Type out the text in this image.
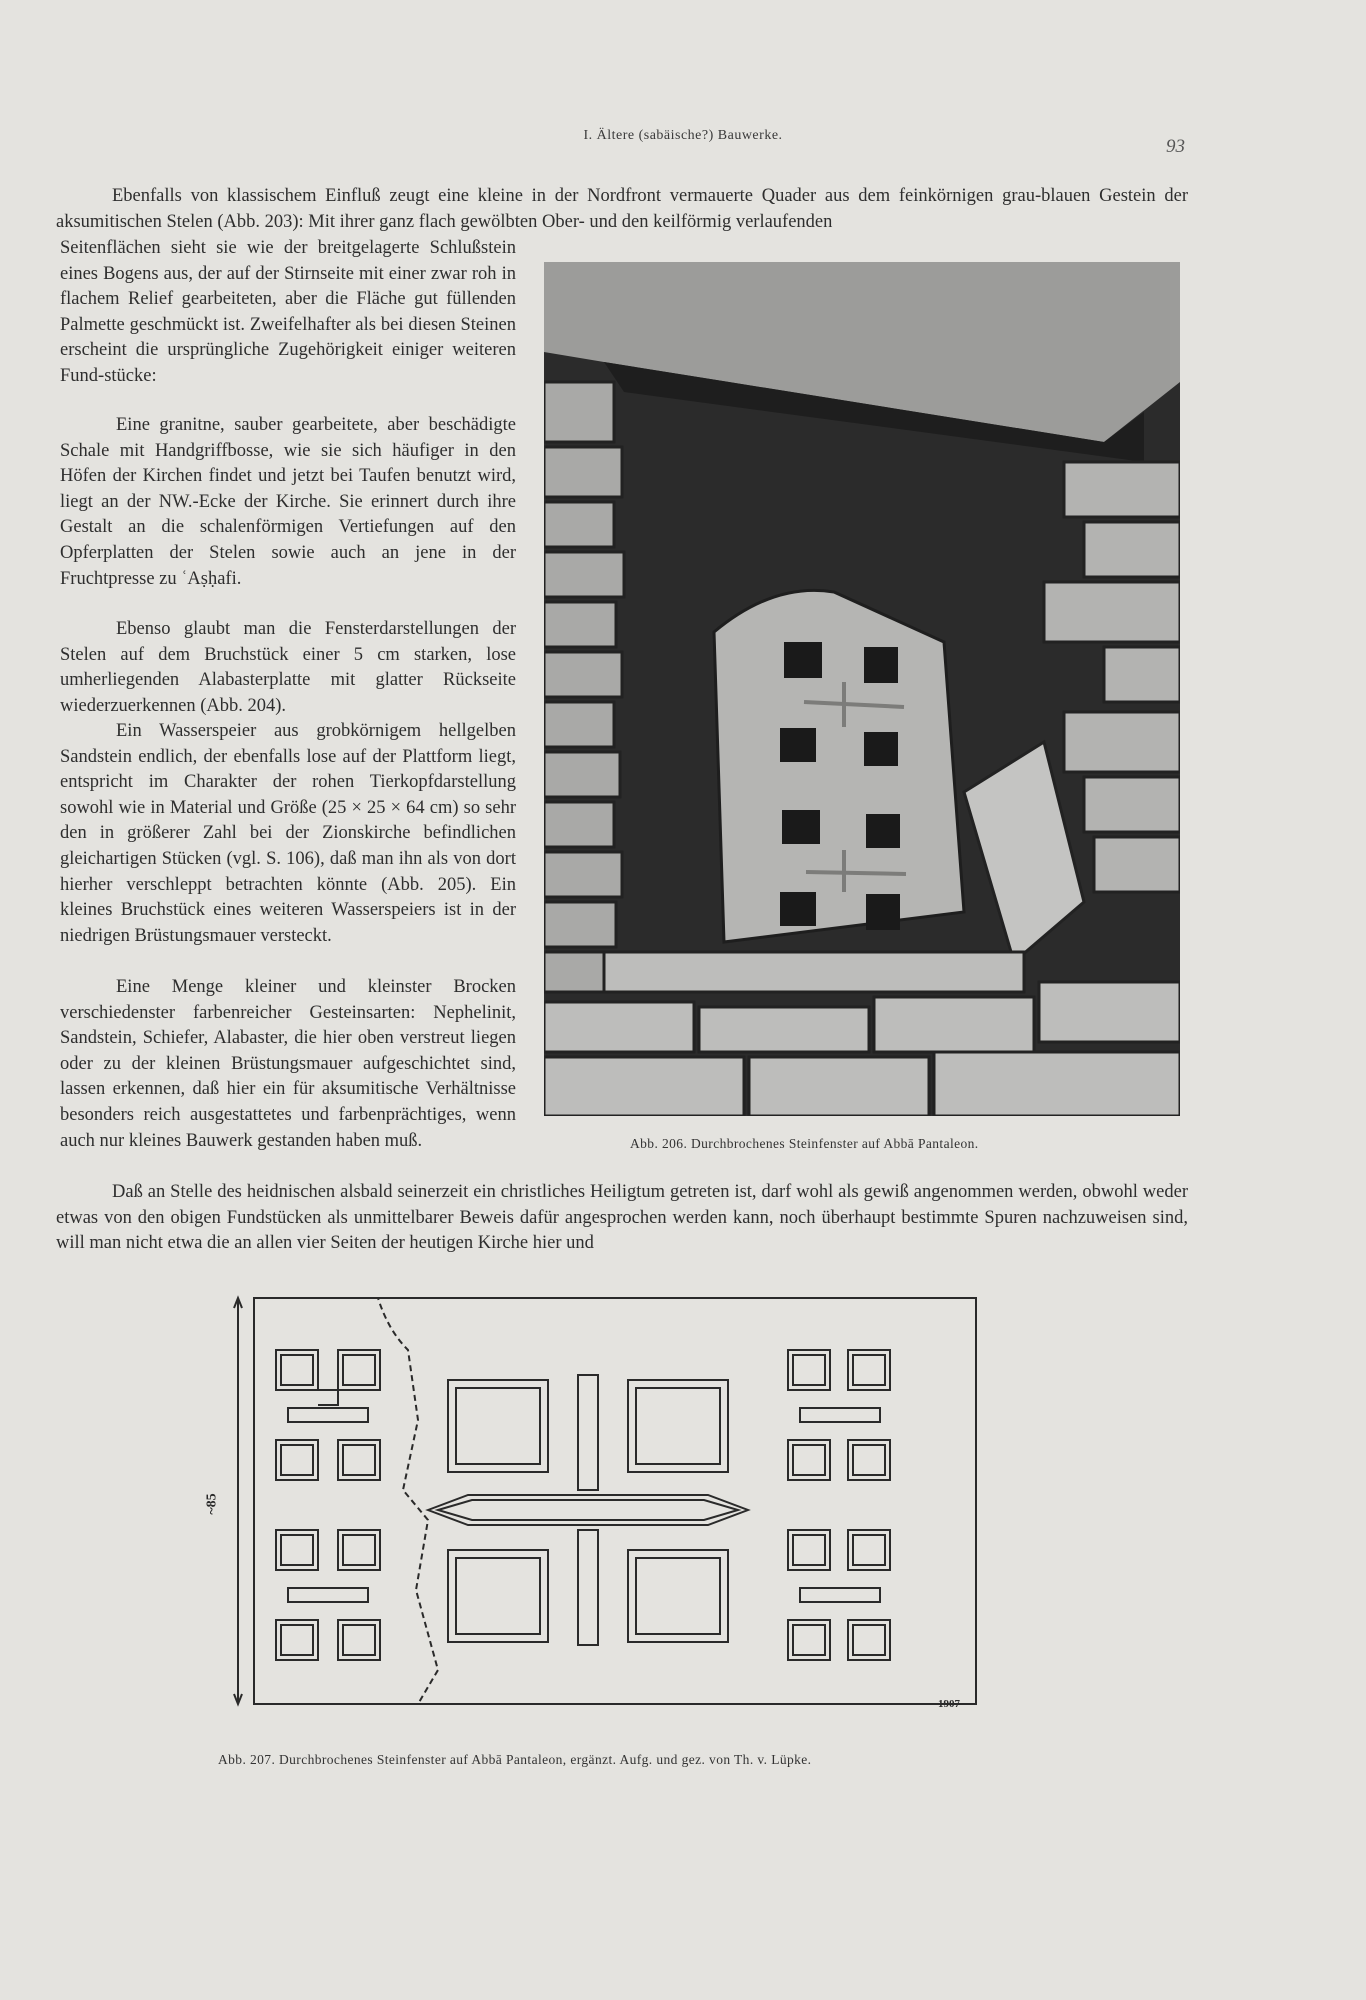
I. Ältere (sabäische?) Bauwerke.
93

Ebenfalls von klassischem Einfluß zeugt eine kleine in der Nordfront vermauerte Quader aus dem feinkörnigen grau-blauen Gestein der aksumitischen Stelen (Abb. 203): Mit ihrer ganz flach gewölbten Ober- und den keilförmig verlaufenden

Seitenflächen sieht sie wie der breitgelagerte Schlußstein eines Bogens aus, der auf der Stirnseite mit einer zwar roh in flachem Relief gearbeiteten, aber die Fläche gut füllenden Palmette geschmückt ist. Zweifelhafter als bei diesen Steinen erscheint die ursprüngliche Zugehörigkeit einiger weiteren Fund-stücke:

Eine granitne, sauber gearbeitete, aber beschädigte Schale mit Handgriffbosse, wie sie sich häufiger in den Höfen der Kirchen findet und jetzt bei Taufen benutzt wird, liegt an der NW.-Ecke der Kirche. Sie erinnert durch ihre Gestalt an die schalenförmigen Vertiefungen auf den Opferplatten der Stelen sowie auch an jene in der Fruchtpresse zu ʿAṣḥafi.

Ebenso glaubt man die Fensterdarstellungen der Stelen auf dem Bruchstück einer 5 cm starken, lose umherliegenden Alabasterplatte mit glatter Rückseite wiederzuerkennen (Abb. 204).

Ein Wasserspeier aus grobkörnigem hellgelben Sandstein endlich, der ebenfalls lose auf der Plattform liegt, entspricht im Charakter der rohen Tierkopfdarstellung sowohl wie in Material und Größe (25 × 25 × 64 cm) so sehr den in größerer Zahl bei der Zionskirche befindlichen gleichartigen Stücken (vgl. S. 106), daß man ihn als von dort hierher verschleppt betrachten könnte (Abb. 205). Ein kleines Bruchstück eines weiteren Wasserspeiers ist in der niedrigen Brüstungsmauer versteckt.

Eine Menge kleiner und kleinster Brocken verschiedenster farbenreicher Gesteinsarten: Nephelinit, Sandstein, Schiefer, Alabaster, die hier oben verstreut liegen oder zu der kleinen Brüstungsmauer aufgeschichtet sind, lassen erkennen, daß hier ein für aksumitische Verhältnisse besonders reich ausgestattetes und farbenprächtiges, wenn auch nur kleines Bauwerk gestanden haben muß.

Daß an Stelle des heidnischen alsbald seinerzeit ein christliches Heiligtum getreten ist, darf wohl als gewiß angenommen werden, obwohl weder etwas von den obigen Fundstücken als unmittelbarer Beweis dafür angesprochen werden kann, noch überhaupt bestimmte Spuren nachzuweisen sind, will man nicht etwa die an allen vier Seiten der heutigen Kirche hier und

Abb. 206. Durchbrochenes Steinfenster auf Abbā Pantaleon.
~85
1907
Abb. 207. Durchbrochenes Steinfenster auf Abbā Pantaleon, ergänzt. Aufg. und gez. von Th. v. Lüpke.
